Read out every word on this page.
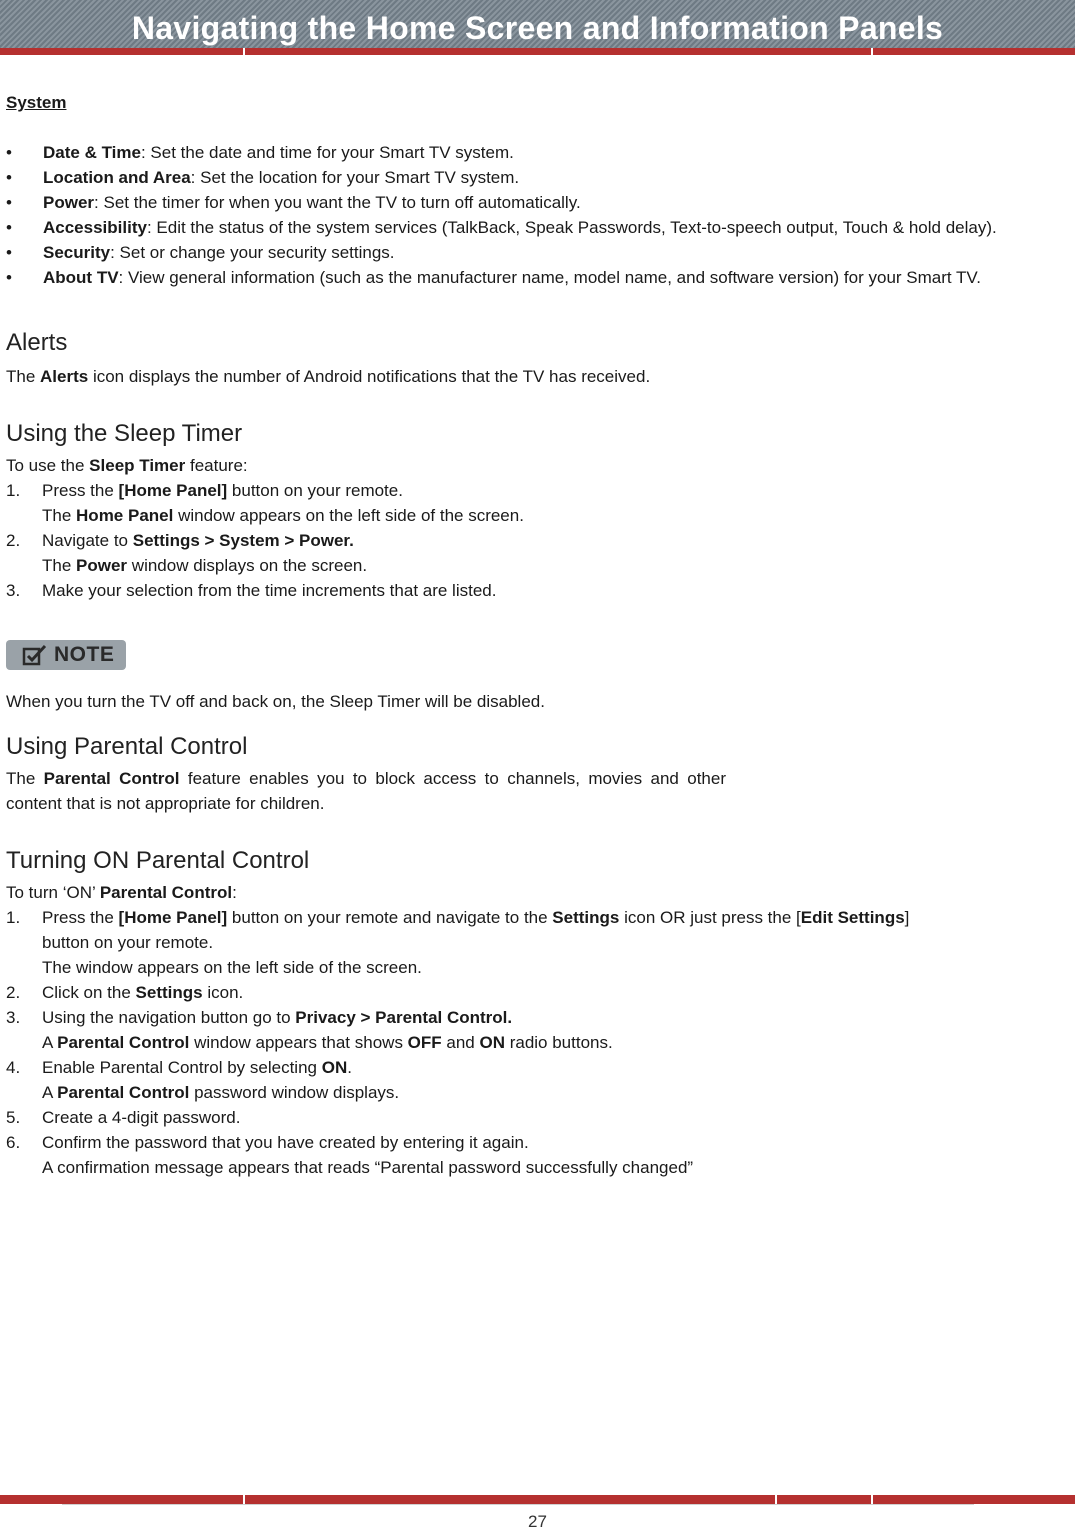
Navigating the Home Screen and Information Panels

System

• Date & Time: Set the date and time for your Smart TV system.
• Location and Area: Set the location for your Smart TV system.
• Power: Set the timer for when you want the TV to turn off automatically.
• Accessibility: Edit the status of the system services (TalkBack, Speak Passwords, Text-to-speech output, Touch & hold delay).
• Security: Set or change your security settings.
• About TV: View general information (such as the manufacturer name, model name, and software version) for your Smart TV.
Alerts

The Alerts icon displays the number of Android notifications that the TV has received.

Using the Sleep Timer

To use the Sleep Timer feature:

1. Press the [Home Panel] button on your remote.
The Home Panel window appears on the left side of the screen.
2. Navigate to Settings > System > Power.
The Power window displays on the screen.
3. Make your selection from the time increments that are listed.
NOTE

When you turn the TV off and back on, the Sleep Timer will be disabled.

Using Parental Control

The Parental Control feature enables you to block access to channels, movies and other content that is not appropriate for children.

Turning ON Parental Control

To turn ‘ON’ Parental Control:

1. Press the [Home Panel] button on your remote and navigate to the Settings icon OR just press the [Edit Settings]
button on your remote.
The window appears on the left side of the screen.
2. Click on the Settings icon.
3. Using the navigation button go to Privacy > Parental Control.
A Parental Control window appears that shows OFF and ON radio buttons.
4. Enable Parental Control by selecting ON.
A Parental Control password window displays.
5. Create a 4-digit password.
6. Confirm the password that you have created by entering it again.
A confirmation message appears that reads “Parental password successfully changed”
27
